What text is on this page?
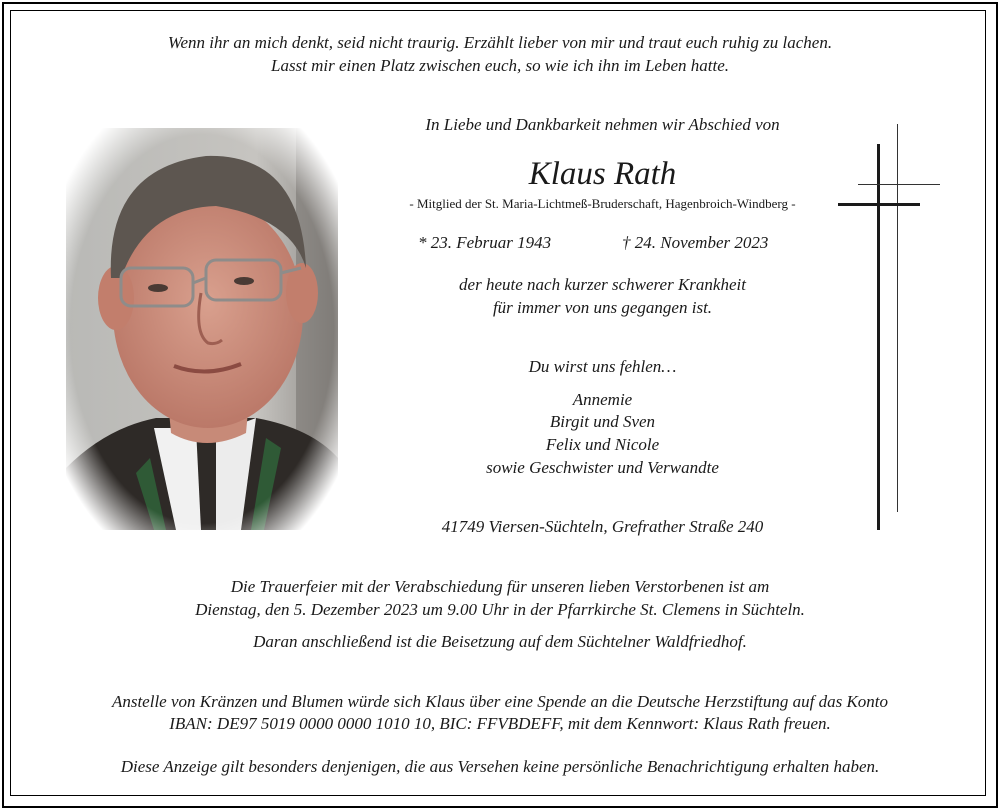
Wenn ihr an mich denkt, seid nicht traurig. Erzählt lieber von mir und traut euch ruhig zu lachen.
Lasst mir einen Platz zwischen euch, so wie ich ihn im Leben hatte.
In Liebe und Dankbarkeit nehmen wir Abschied von
Klaus Rath
- Mitglied der St. Maria-Lichtmeß-Bruderschaft, Hagenbroich-Windberg -
* 23. Februar 1943	† 24. November 2023
der heute nach kurzer schwerer Krankheit
für immer von uns gegangen ist.
Du wirst uns fehlen…
Annemie
Birgit und Sven
Felix und Nicole
sowie Geschwister und Verwandte
41749 Viersen-Süchteln, Grefrather Straße 240
Die Trauerfeier mit der Verabschiedung für unseren lieben Verstorbenen ist am
Dienstag, den 5. Dezember 2023 um 9.00 Uhr in der Pfarrkirche St. Clemens in Süchteln.
Daran anschließend ist die Beisetzung auf dem Süchtelner Waldfriedhof.
Anstelle von Kränzen und Blumen würde sich Klaus über eine Spende an die Deutsche Herzstiftung auf das Konto
IBAN: DE97 5019 0000 0000 1010 10, BIC: FFVBDEFF, mit dem Kennwort: Klaus Rath freuen.
Diese Anzeige gilt besonders denjenigen, die aus Versehen keine persönliche Benachrichtigung erhalten haben.
